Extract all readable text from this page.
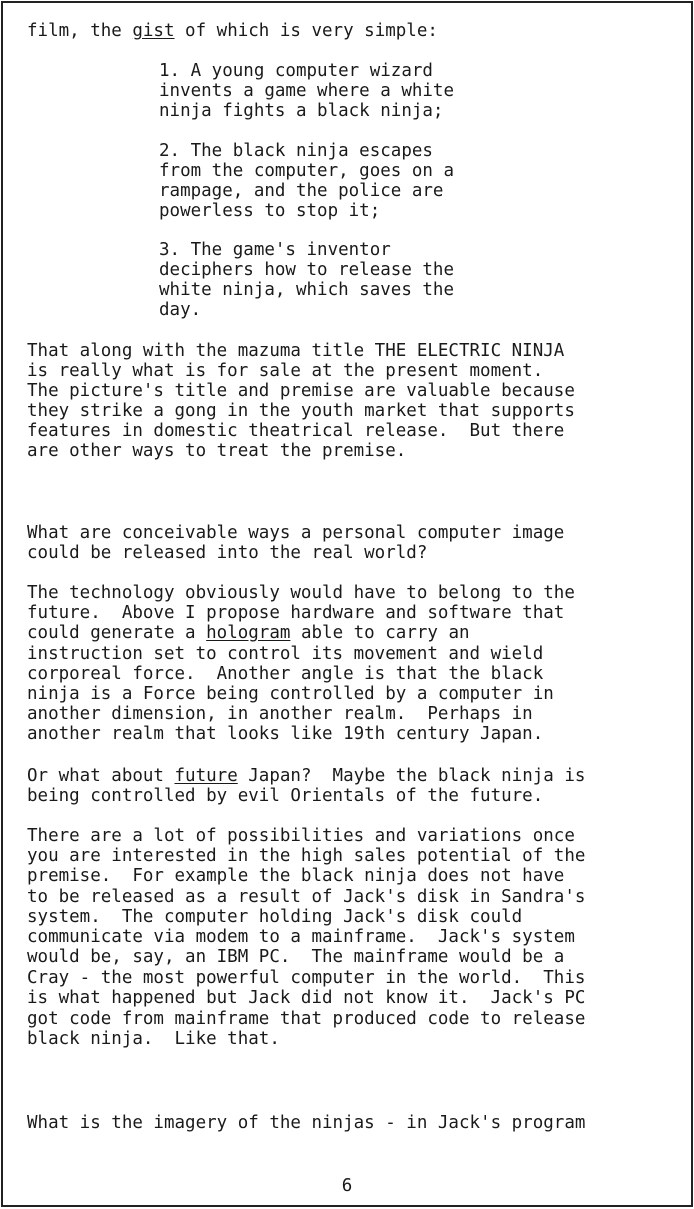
film, the gist of which is very simple:
1. A young computer wizard
invents a game where a white
ninja fights a black ninja;
2. The black ninja escapes
from the computer, goes on a
rampage, and the police are
powerless to stop it;
3. The game's inventor
deciphers how to release the
white ninja, which saves the
day.
That along with the mazuma title THE ELECTRIC NINJA
is really what is for sale at the present moment.
The picture's title and premise are valuable because
they strike a gong in the youth market that supports
features in domestic theatrical release.  But there
are other ways to treat the premise.
What are conceivable ways a personal computer image
could be released into the real world?
The technology obviously would have to belong to the
future.  Above I propose hardware and software that
could generate a hologram able to carry an
instruction set to control its movement and wield
corporeal force.  Another angle is that the black
ninja is a Force being controlled by a computer in
another dimension, in another realm.  Perhaps in
another realm that looks like 19th century Japan.
Or what about future Japan?  Maybe the black ninja is
being controlled by evil Orientals of the future.
There are a lot of possibilities and variations once
you are interested in the high sales potential of the
premise.  For example the black ninja does not have
to be released as a result of Jack's disk in Sandra's
system.  The computer holding Jack's disk could
communicate via modem to a mainframe.  Jack's system
would be, say, an IBM PC.  The mainframe would be a
Cray - the most powerful computer in the world.  This
is what happened but Jack did not know it.  Jack's PC
got code from mainframe that produced code to release
black ninja.  Like that.
What is the imagery of the ninjas - in Jack's program
6
